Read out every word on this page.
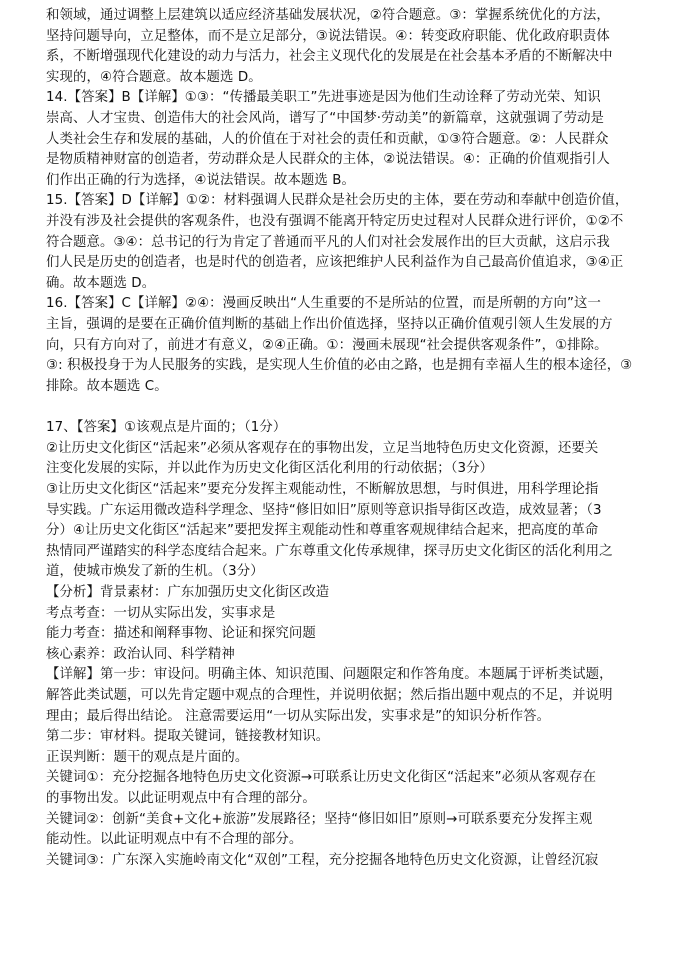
和领域，通过调整上层建筑以适应经济基础发展状况，②符合题意。③：掌握系统优化的方法，
坚持问题导向，立足整体，而不是立足部分，③说法错误。④：转变政府职能、优化政府职责体
系，不断增强现代化建设的动力与活力，社会主义现代化的发展是在社会基本矛盾的不断解决中
实现的，④符合题意。故本题选 D。
14.【答案】B【详解】①③：“传播最美职工”先进事迹是因为他们生动诠释了劳动光荣、知识
崇高、人才宝贵、创造伟大的社会风尚，谱写了“中国梦·劳动美”的新篇章，这就强调了劳动是
人类社会生存和发展的基础，人的价值在于对社会的责任和贡献，①③符合题意。②：人民群众
是物质精神财富的创造者，劳动群众是人民群众的主体，②说法错误。④：正确的价值观指引人
们作出正确的行为选择，④说法错误。故本题选 B。
15.【答案】D【详解】①②：材料强调人民群众是社会历史的主体，要在劳动和奉献中创造价值，
并没有涉及社会提供的客观条件，也没有强调不能离开特定历史过程对人民群众进行评价，①②不
符合题意。③④：总书记的行为肯定了普通而平凡的人们对社会发展作出的巨大贡献，这启示我
们人民是历史的创造者，也是时代的创造者，应该把维护人民利益作为自己最高价值追求，③④正
确。故本题选 D。
16.【答案】C【详解】②④：漫画反映出“人生重要的不是所站的位置，而是所朝的方向”这一
主旨，强调的是要在正确价值判断的基础上作出价值选择，坚持以正确价值观引领人生发展的方
向，只有方向对了，前进才有意义，②④正确。①：漫画未展现“社会提供客观条件”，①排除。
③: 积极投身于为人民服务的实践，是实现人生价值的必由之路，也是拥有幸福人生的根本途径，③
排除。故本题选 C。
17、【答案】①该观点是片面的；（1分）
②让历史文化街区“活起来”必须从客观存在的事物出发，立足当地特色历史文化资源，还要关
注变化发展的实际，并以此作为历史文化街区活化利用的行动依据；（3分）
③让历史文化街区“活起来”要充分发挥主观能动性，不断解放思想，与时俱进，用科学理论指
导实践。广东运用微改造科学理念、坚持“修旧如旧”原则等意识指导街区改造，成效显著；（3
分）④让历史文化街区“活起来”要把发挥主观能动性和尊重客观规律结合起来，把高度的革命
热情同严谨踏实的科学态度结合起来。广东尊重文化传承规律，探寻历史文化街区的活化利用之
道，使城市焕发了新的生机。（3分）
【分析】背景素材：广东加强历史文化街区改造
考点考查：一切从实际出发，实事求是
能力考查：描述和阐释事物、论证和探究问题
核心素养：政治认同、科学精神
【详解】第一步：审设问。明确主体、知识范围、问题限定和作答角度。本题属于评析类试题，
解答此类试题，可以先肯定题中观点的合理性，并说明依据；然后指出题中观点的不足，并说明
理由；最后得出结论。 注意需要运用“一切从实际出发，实事求是”的知识分析作答。
第二步：审材料。提取关键词，链接教材知识。
正误判断：题干的观点是片面的。
关键词①：充分挖掘各地特色历史文化资源→可联系让历史文化街区“活起来”必须从客观存在
的事物出发。以此证明观点中有合理的部分。
关键词②：创新“美食+文化+旅游”发展路径；坚持“修旧如旧”原则→可联系要充分发挥主观
能动性。以此证明观点中有不合理的部分。
关键词③：广东深入实施岭南文化“双创”工程，充分挖掘各地特色历史文化资源，让曾经沉寂
